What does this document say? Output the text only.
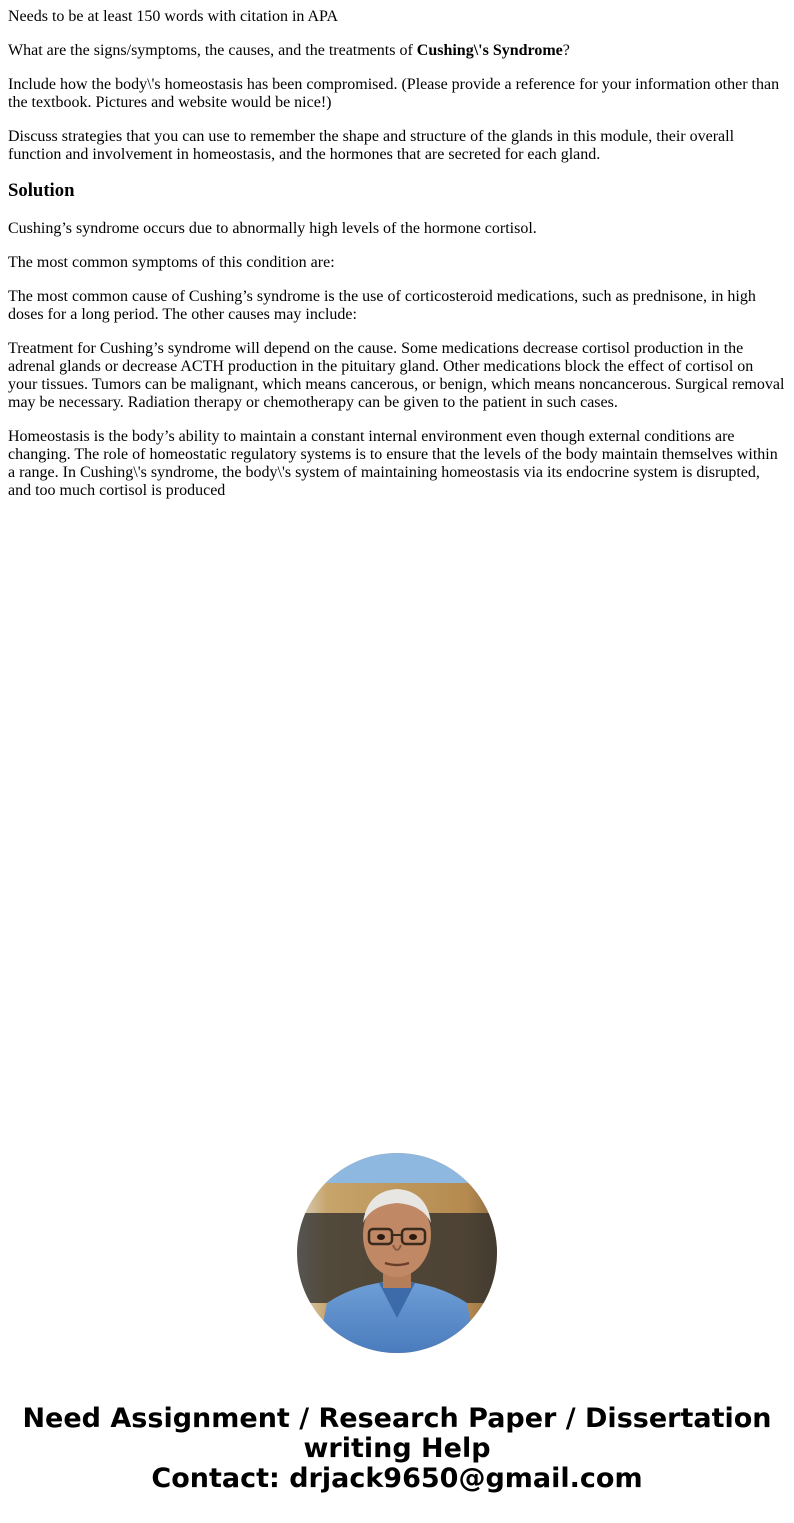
Needs to be at least 150 words with citation in APA

What are the signs/symptoms, the causes, and the treatments of Cushing\'s Syndrome?

Include how the body\'s homeostasis has been compromised. (Please provide a reference for your information other than the textbook. Pictures and website would be nice!)

Discuss strategies that you can use to remember the shape and structure of the glands in this module, their overall function and involvement in homeostasis, and the hormones that are secreted for each gland.

Solution

Cushing’s syndrome occurs due to abnormally high levels of the hormone cortisol.

The most common symptoms of this condition are:

The most common cause of Cushing’s syndrome is the use of corticosteroid medications, such as prednisone, in high doses for a long period. The other causes may include:

Treatment for Cushing’s syndrome will depend on the cause. Some medications decrease cortisol production in the adrenal glands or decrease ACTH production in the pituitary gland. Other medications block the effect of cortisol on your tissues. Tumors can be malignant, which means cancerous, or benign, which means noncancerous. Surgical removal may be necessary. Radiation therapy or chemotherapy can be given to the patient in such cases.

Homeostasis is the body’s ability to maintain a constant internal environment even though external conditions are changing. The role of homeostatic regulatory systems is to ensure that the levels of the body maintain themselves within a range. In Cushing\'s syndrome, the body\'s system of maintaining homeostasis via its endocrine system is disrupted, and too much cortisol is produced

Need Assignment / Research Paper / Dissertation
writing Help
Contact: drjack9650@gmail.com
